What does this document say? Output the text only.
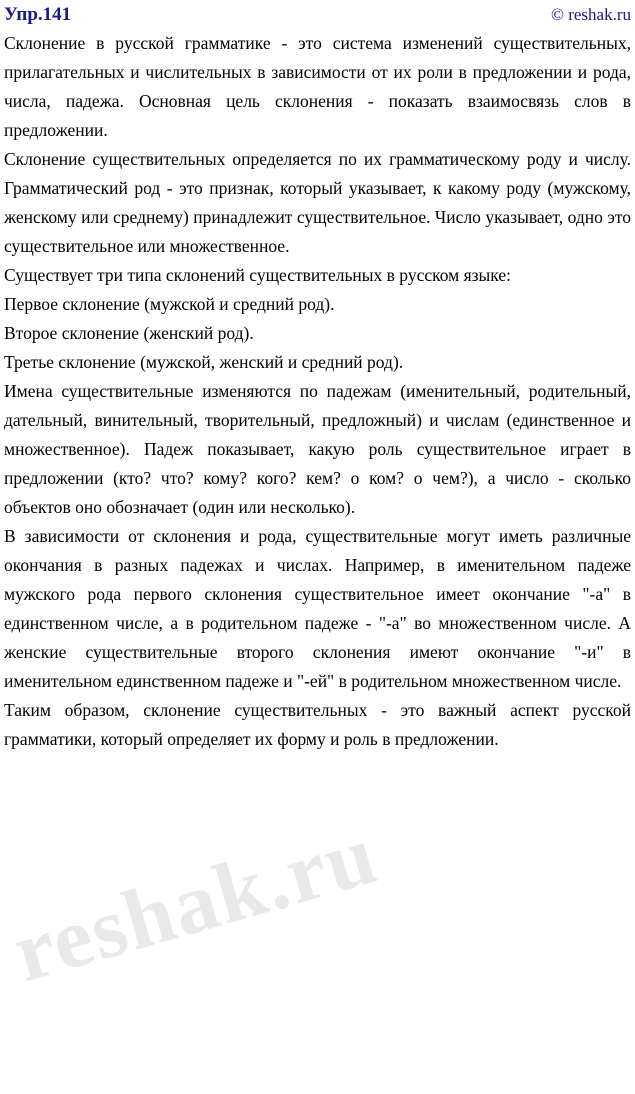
Упр.141	© reshak.ru

Склонение в русской грамматике - это система изменений существительных, прилагательных и числительных в зависимости от их роли в предложении и рода, числа, падежа. Основная цель склонения - показать взаимосвязь слов в предложении.

Склонение существительных определяется по их грамматическому роду и числу. Грамматический род - это признак, который указывает, к какому роду (мужскому, женскому или среднему) принадлежит существительное. Число указывает, одно это существительное или множественное.

Существует три типа склонений существительных в русском языке:

Первое склонение (мужской и средний род).

Второе склонение (женский род).

Третье склонение (мужской, женский и средний род).

Имена существительные изменяются по падежам (именительный, родительный, дательный, винительный, творительный, предложный) и числам (единственное и множественное). Падеж показывает, какую роль существительное играет в предложении (кто? что? кому? кого? кем? о ком? о чем?), а число - сколько объектов оно обозначает (один или несколько).

В зависимости от склонения и рода, существительные могут иметь различные окончания в разных падежах и числах. Например, в именительном падеже мужского рода первого склонения существительное имеет окончание "-а" в единственном числе, а в родительном падеже - "-а" во множественном числе. А женские существительные второго склонения имеют окончание "-и" в именительном единственном падеже и "-ей" в родительном множественном числе.

Таким образом, склонение существительных - это важный аспект русской грамматики, который определяет их форму и роль в предложении.

reshak.ru
